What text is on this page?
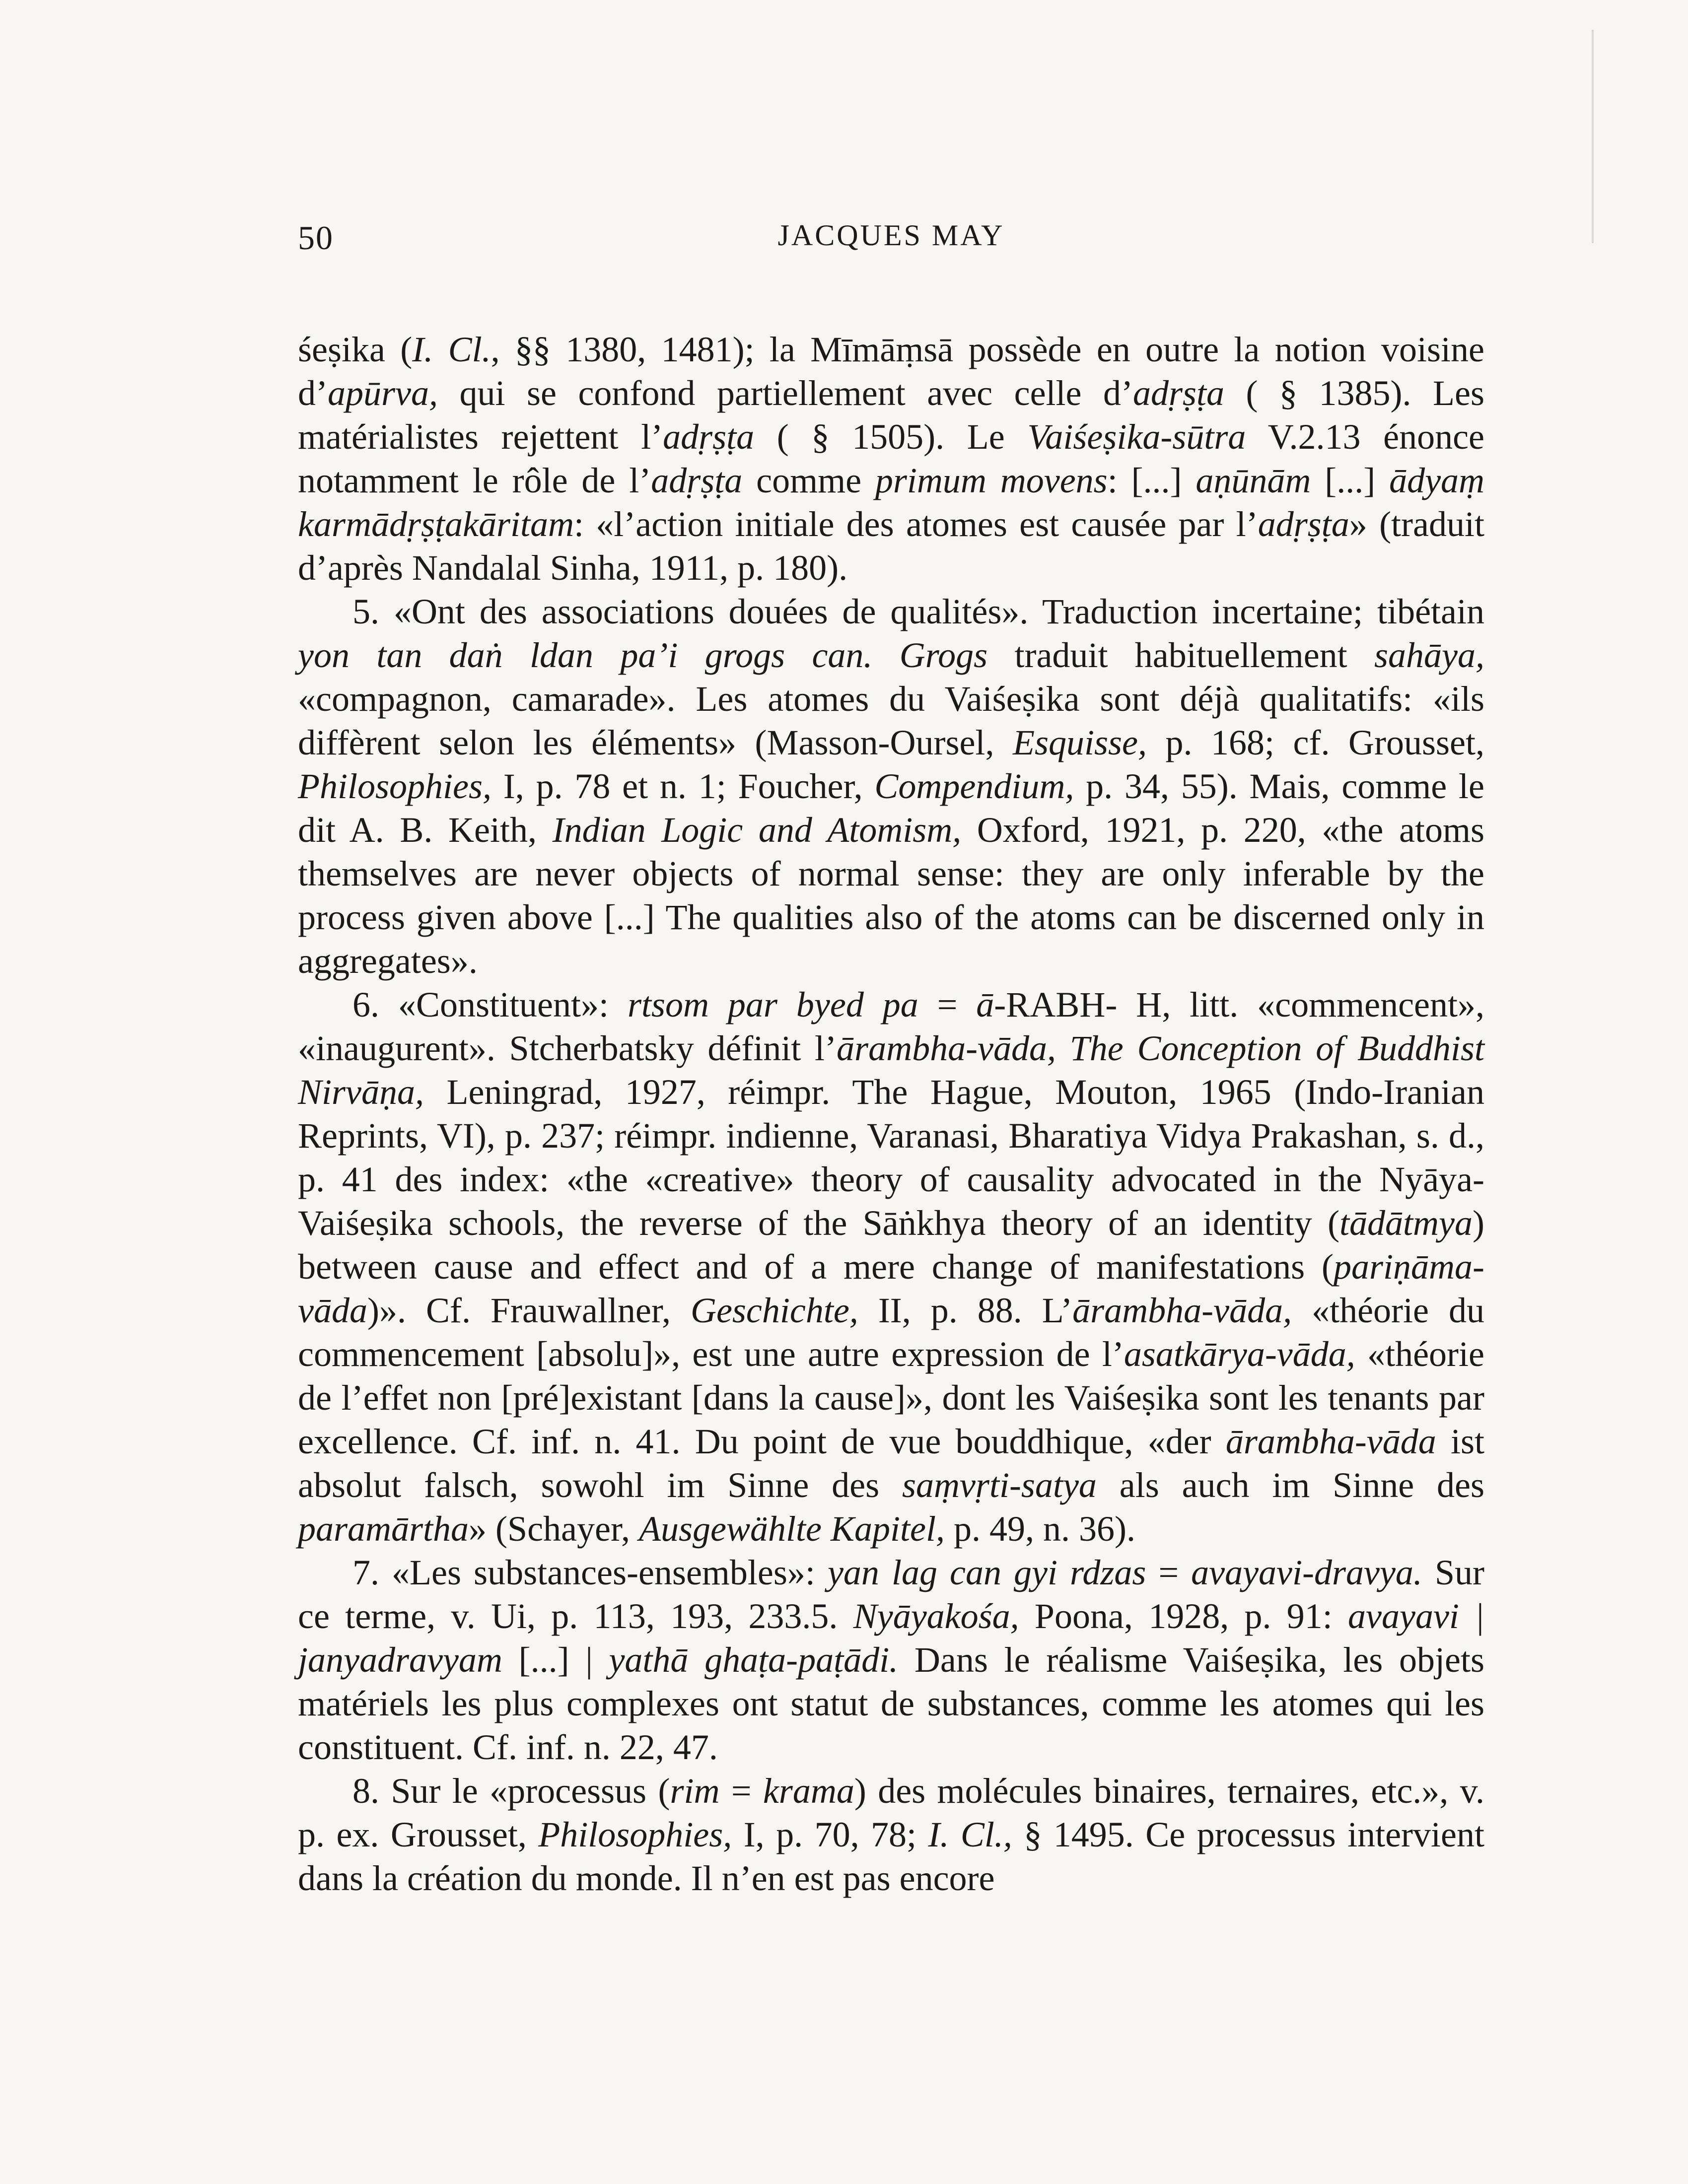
50	JACQUES MAY

śeṣika (I. Cl., §§ 1380, 1481); la Mīmāṃsā possède en outre la notion voisine d’apūrva, qui se confond partiellement avec celle d’adṛṣṭa ( § 1385). Les matérialistes rejettent l’adṛṣṭa ( § 1505). Le Vaiśeṣika-sūtra V.2.13 énonce notamment le rôle de l’adṛṣṭa comme primum movens: [...] aṇūnām [...] ādyaṃ karmādṛṣṭakāritam: «l’action initiale des atomes est causée par l’adṛṣṭa» (traduit d’après Nandalal Sinha, 1911, p. 180).

5. «Ont des associations douées de qualités». Traduction incertaine; tibétain yon tan daṅ ldan pa’i grogs can. Grogs traduit habituellement sahāya, «compagnon, camarade». Les atomes du Vaiśeṣika sont déjà qualitatifs: «ils diffèrent selon les éléments» (Masson-Oursel, Esquisse, p. 168; cf. Grousset, Philosophies, I, p. 78 et n. 1; Foucher, Compendium, p. 34, 55). Mais, comme le dit A. B. Keith, Indian Logic and Atomism, Oxford, 1921, p. 220, «the atoms themselves are never objects of normal sense: they are only inferable by the process given above [...] The qualities also of the atoms can be discerned only in aggregates».

6. «Constituent»: rtsom par byed pa = ā-RABH- H, litt. «commencent», «inaugurent». Stcherbatsky définit l’ārambha-vāda, The Conception of Buddhist Nirvāṇa, Leningrad, 1927, réimpr. The Hague, Mouton, 1965 (Indo-Iranian Reprints, VI), p. 237; réimpr. indienne, Varanasi, Bharatiya Vidya Prakashan, s. d., p. 41 des index: «the «creative» theory of causality advocated in the Nyāya-Vaiśeṣika schools, the reverse of the Sāṅkhya theory of an identity (tādātmya) between cause and effect and of a mere change of manifestations (pariṇāma-vāda)». Cf. Frauwallner, Geschichte, II, p. 88. L’ārambha-vāda, «théorie du commencement [absolu]», est une autre expression de l’asatkārya-vāda, «théorie de l’effet non [pré]existant [dans la cause]», dont les Vaiśeṣika sont les tenants par excellence. Cf. inf. n. 41. Du point de vue bouddhique, «der ārambha-vāda ist absolut falsch, sowohl im Sinne des saṃvṛti-satya als auch im Sinne des paramārtha» (Schayer, Ausgewählte Kapitel, p. 49, n. 36).

7. «Les substances-ensembles»: yan lag can gyi rdzas = avayavi-dravya. Sur ce terme, v. Ui, p. 113, 193, 233.5. Nyāyakośa, Poona, 1928, p. 91: avayavi | janyadravyam [...] | yathā ghaṭa-paṭādi. Dans le réalisme Vaiśeṣika, les objets matériels les plus complexes ont statut de substances, comme les atomes qui les constituent. Cf. inf. n. 22, 47.

8. Sur le «processus (rim = krama) des molécules binaires, ternaires, etc.», v. p. ex. Grousset, Philosophies, I, p. 70, 78; I. Cl., § 1495. Ce processus intervient dans la création du monde. Il n’en est pas encore
